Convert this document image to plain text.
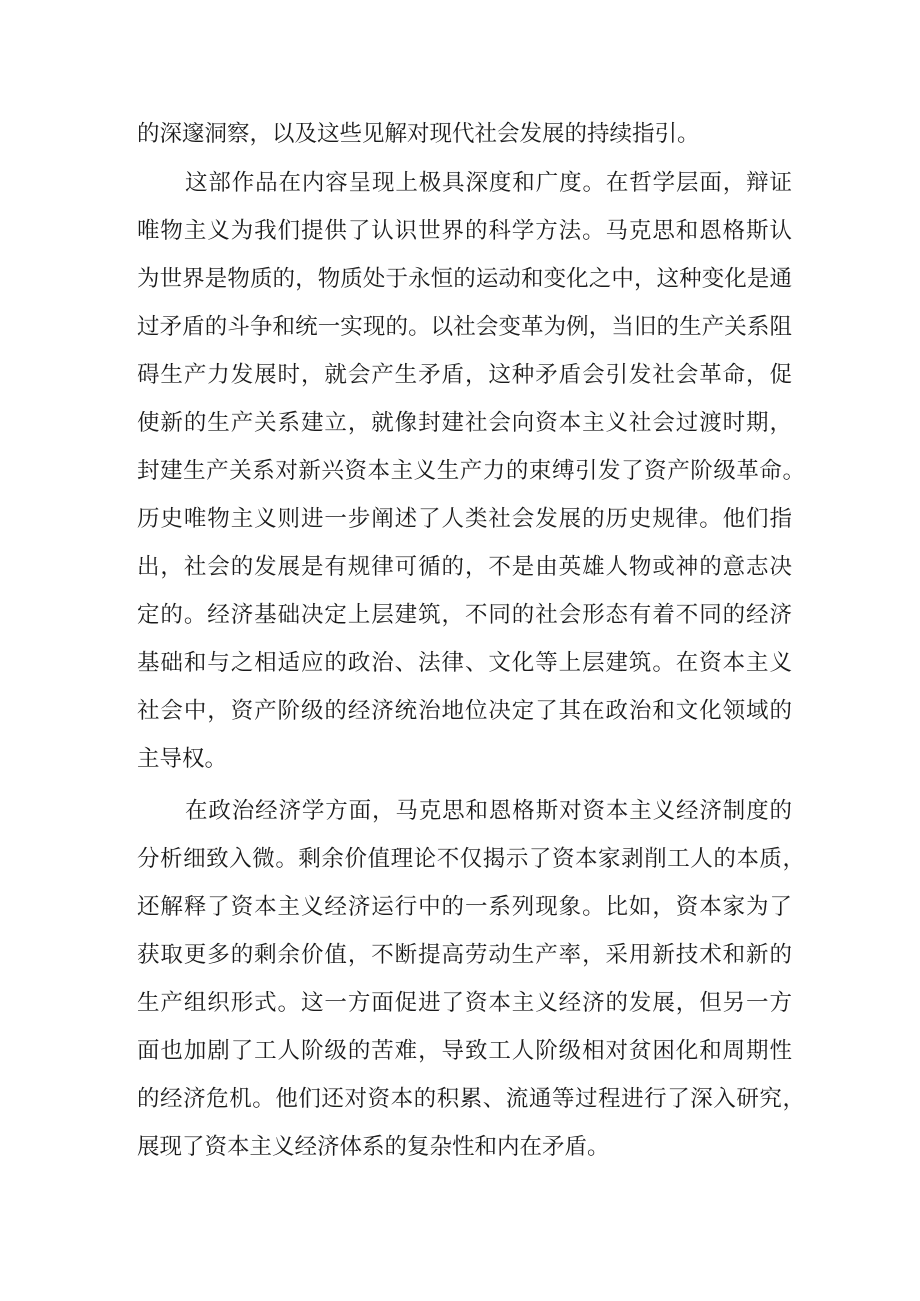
的深邃洞察，以及这些见解对现代社会发展的持续指引。
这部作品在内容呈现上极具深度和广度。在哲学层面，辩证
唯物主义为我们提供了认识世界的科学方法。马克思和恩格斯认
为世界是物质的，物质处于永恒的运动和变化之中，这种变化是通
过矛盾的斗争和统一实现的。以社会变革为例，当旧的生产关系阻
碍生产力发展时，就会产生矛盾，这种矛盾会引发社会革命，促
使新的生产关系建立，就像封建社会向资本主义社会过渡时期，
封建生产关系对新兴资本主义生产力的束缚引发了资产阶级革命。
历史唯物主义则进一步阐述了人类社会发展的历史规律。他们指
出，社会的发展是有规律可循的，不是由英雄人物或神的意志决
定的。经济基础决定上层建筑，不同的社会形态有着不同的经济
基础和与之相适应的政治、法律、文化等上层建筑。在资本主义
社会中，资产阶级的经济统治地位决定了其在政治和文化领域的
主导权。
在政治经济学方面，马克思和恩格斯对资本主义经济制度的
分析细致入微。剩余价值理论不仅揭示了资本家剥削工人的本质，
还解释了资本主义经济运行中的一系列现象。比如，资本家为了
获取更多的剩余价值，不断提高劳动生产率，采用新技术和新的
生产组织形式。这一方面促进了资本主义经济的发展，但另一方
面也加剧了工人阶级的苦难，导致工人阶级相对贫困化和周期性
的经济危机。他们还对资本的积累、流通等过程进行了深入研究，
展现了资本主义经济体系的复杂性和内在矛盾。
